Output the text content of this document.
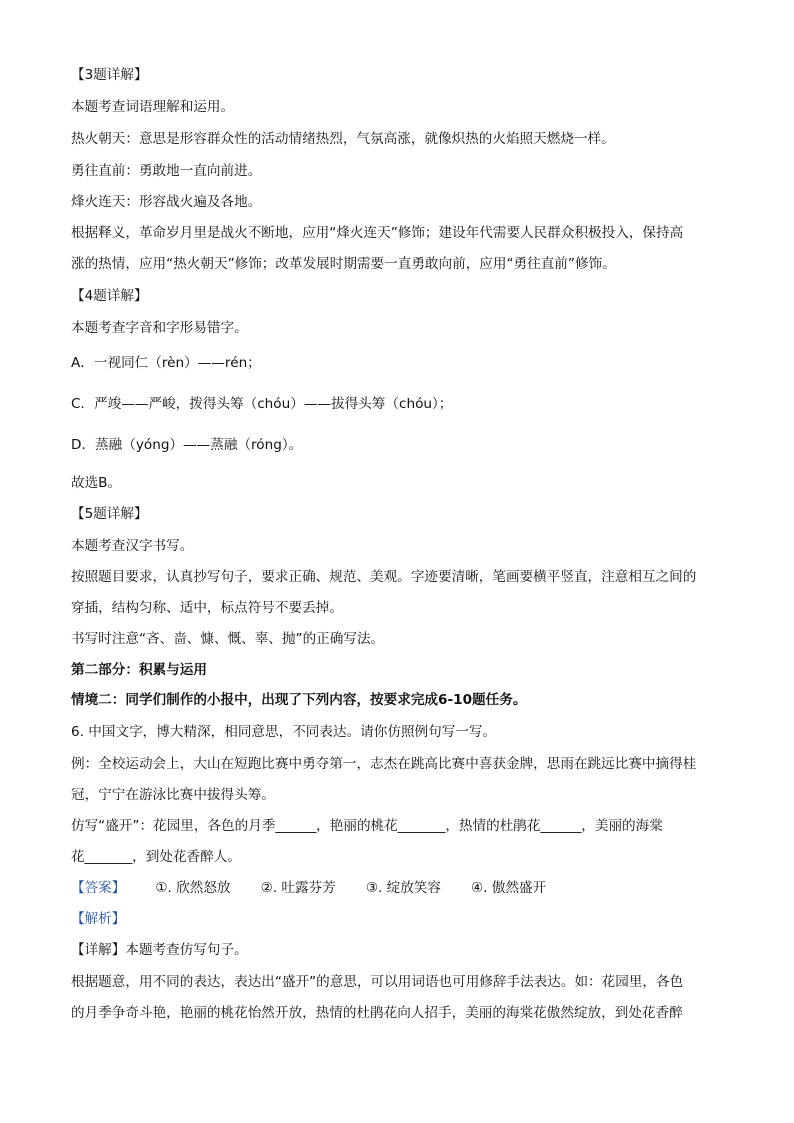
【3题详解】
本题考查词语理解和运用。
热火朝天：意思是形容群众性的活动情绪热烈，气氛高涨，就像炽热的火焰照天燃烧一样。
勇往直前：勇敢地一直向前进。
烽火连天：形容战火遍及各地。
根据释义，革命岁月里是战火不断地，应用“烽火连天”修饰；建设年代需要人民群众积极投入，保持高
涨的热情，应用“热火朝天”修饰；改革发展时期需要一直勇敢向前，应用“勇往直前”修饰。
【4题详解】
本题考查字音和字形易错字。
A．一视同仁（rèn）——rén；
C．严竣——严峻，拨得头筹（chóu）——拔得头筹（chóu）；
D．蒸融（yóng）——蒸融（róng）。
故选B。
【5题详解】
本题考查汉字书写。
按照题目要求，认真抄写句子，要求正确、规范、美观。字迹要清晰，笔画要横平竖直，注意相互之间的
穿插，结构匀称、适中，标点符号不要丢掉。
书写时注意“吝、啬、慷、慨、辜、抛”的正确写法。
第二部分：积累与运用
情境二：同学们制作的小报中，出现了下列内容，按要求完成6-10题任务。
6. 中国文字，博大精深，相同意思，不同表达。请你仿照例句写一写。
例：全校运动会上，大山在短跑比赛中勇夺第一，志杰在跳高比赛中喜获金牌，思雨在跳远比赛中摘得桂
冠，宁宁在游泳比赛中拔得头筹。
仿写“盛开”：花园里，各色的月季______，艳丽的桃花_______，热情的杜鹃花______，美丽的海棠
花_______，到处花香醉人。
【答案】 ①. 欣然怒放 ②. 吐露芬芳 ③. 绽放笑容 ④. 傲然盛开
【解析】
【详解】本题考查仿写句子。
根据题意，用不同的表达，表达出“盛开”的意思，可以用词语也可用修辞手法表达。如：花园里，各色
的月季争奇斗艳，艳丽的桃花怡然开放，热情的杜鹃花向人招手，美丽的海棠花傲然绽放，到处花香醉
